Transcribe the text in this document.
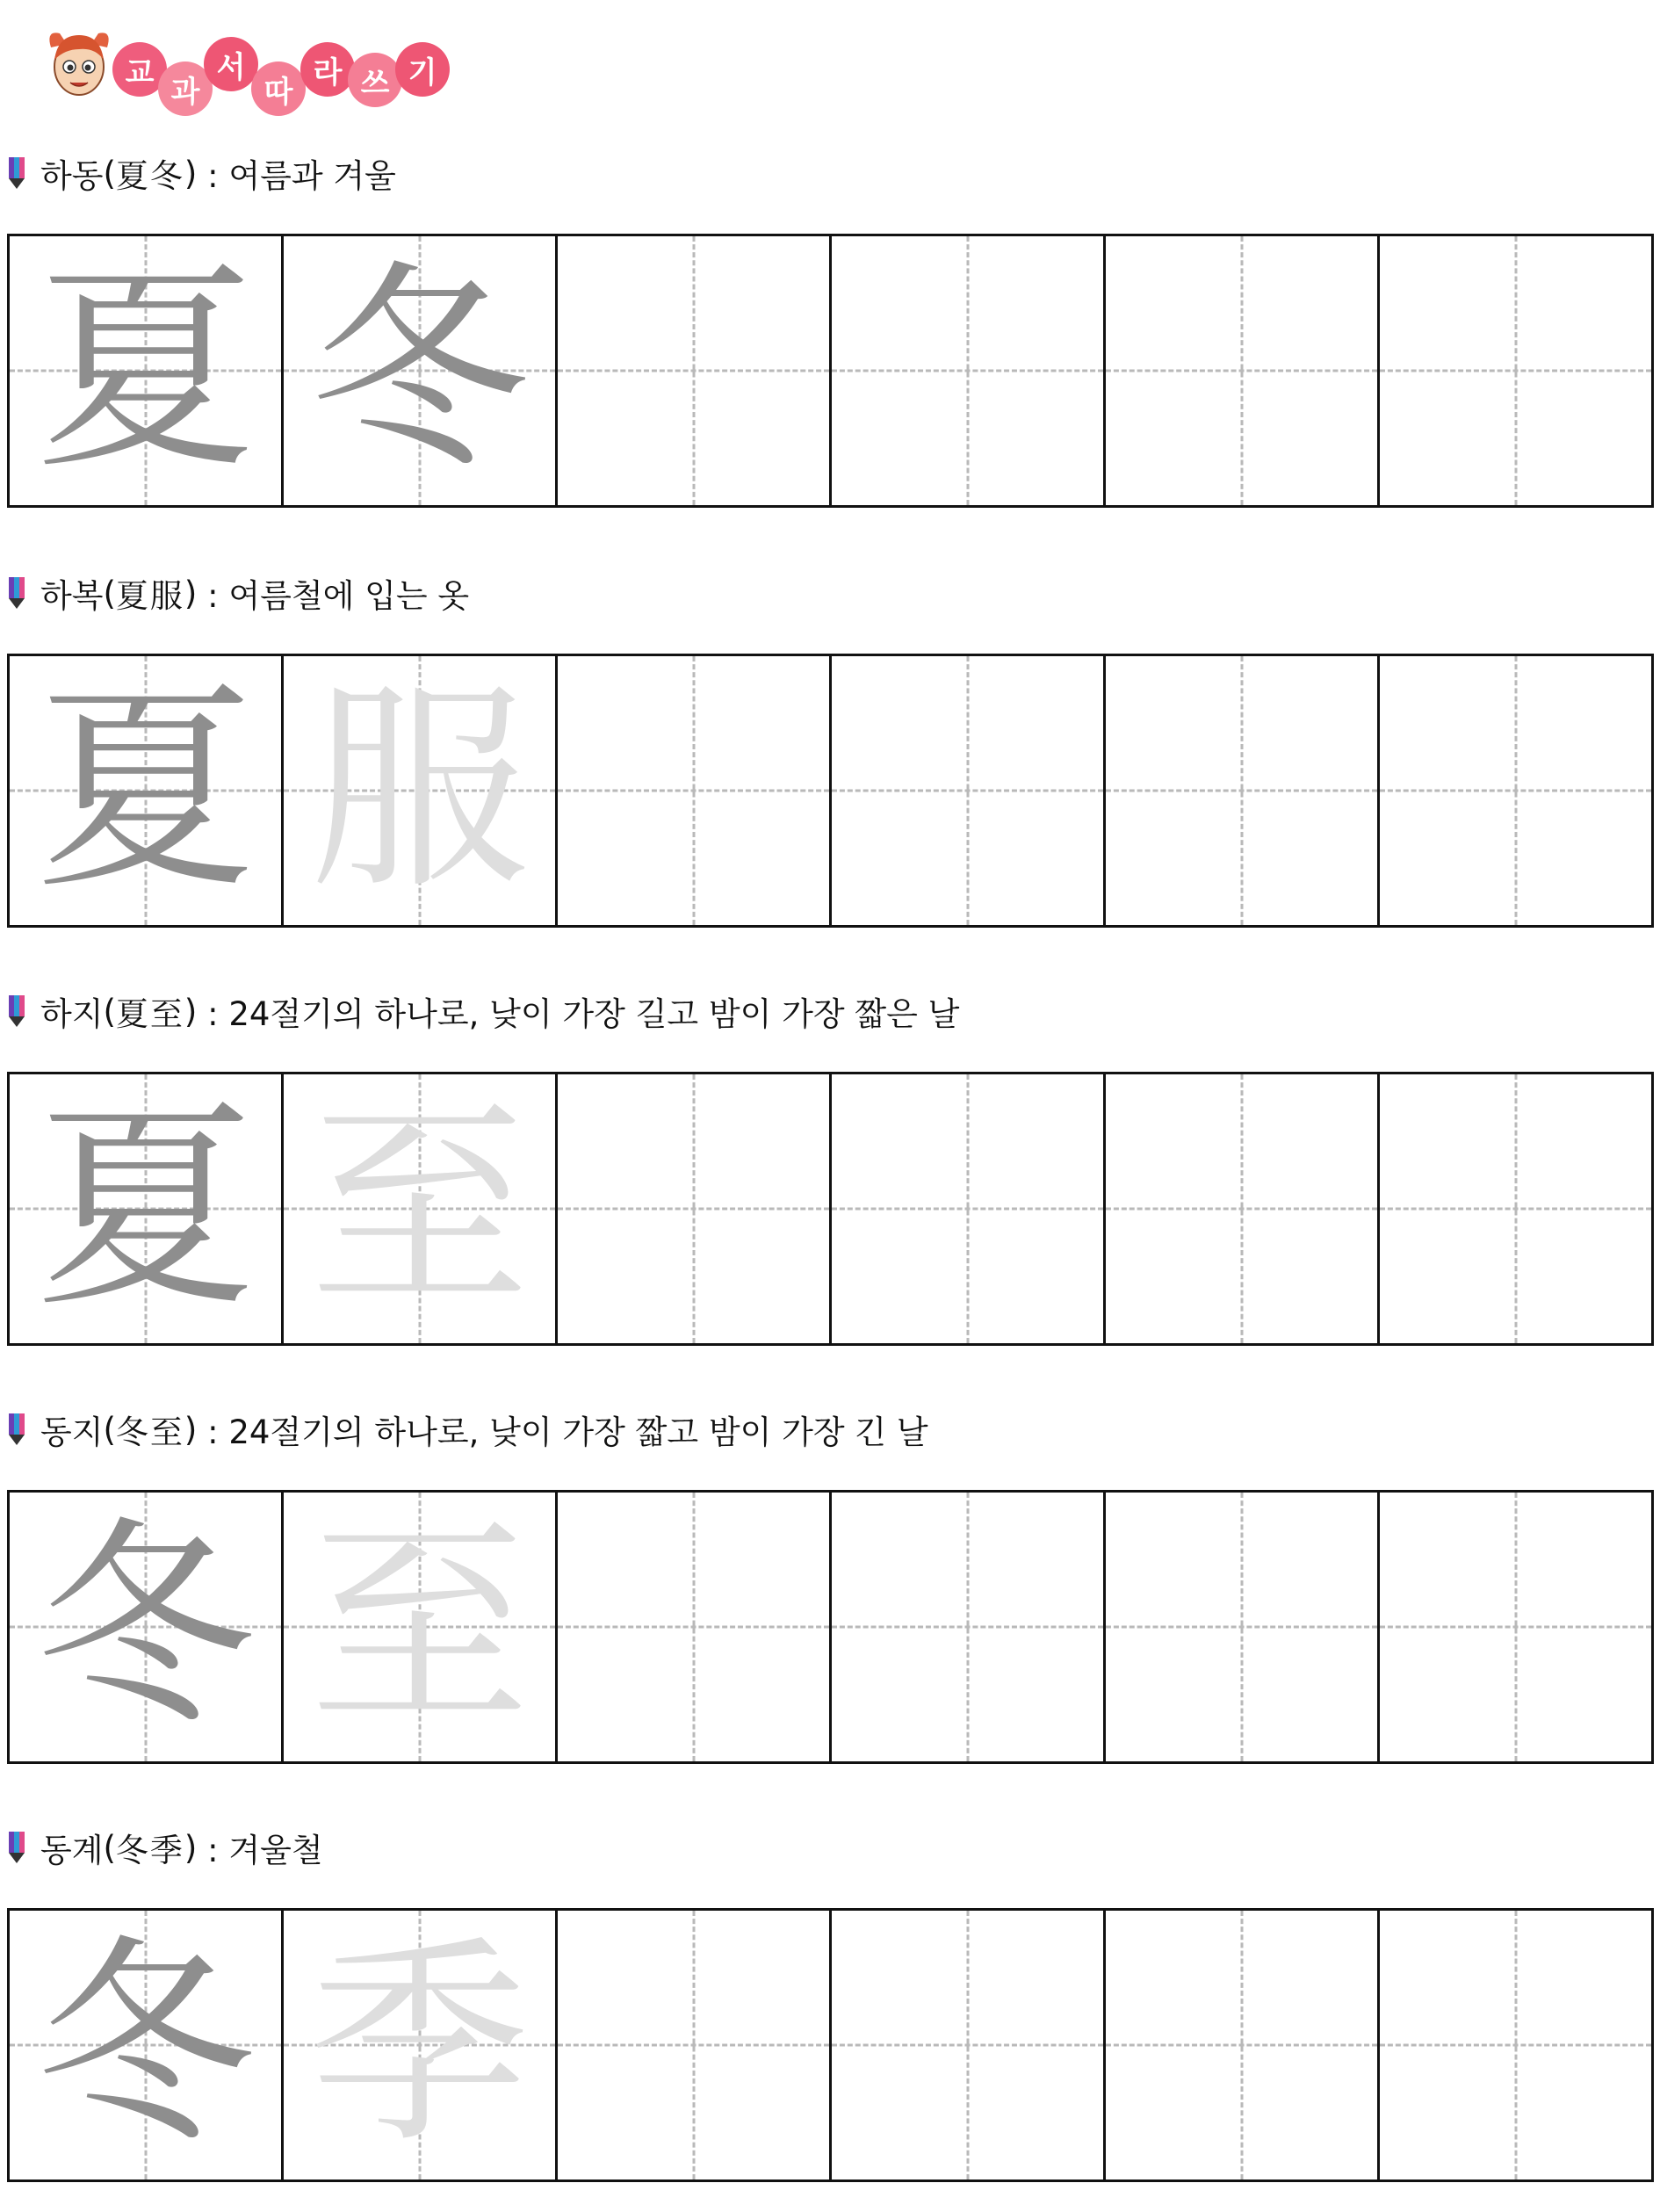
교
과
서
따
라 쓰 기
하동 ( 夏冬 ) : 여름과 겨울
夏 冬
하복 ( 夏服 ) : 여름철에 입는 옷
夏 服
하지 ( 夏至 ) : 24절기의 하나로, 낮이 가장 길고 밤이 가장 짧은 날
夏 至
동지 ( 冬至 ) : 24절기의 하나로, 낮이 가장 짧고 밤이 가장 긴 날
冬 至
동계 ( 冬季 ) : 겨울철
冬 季
